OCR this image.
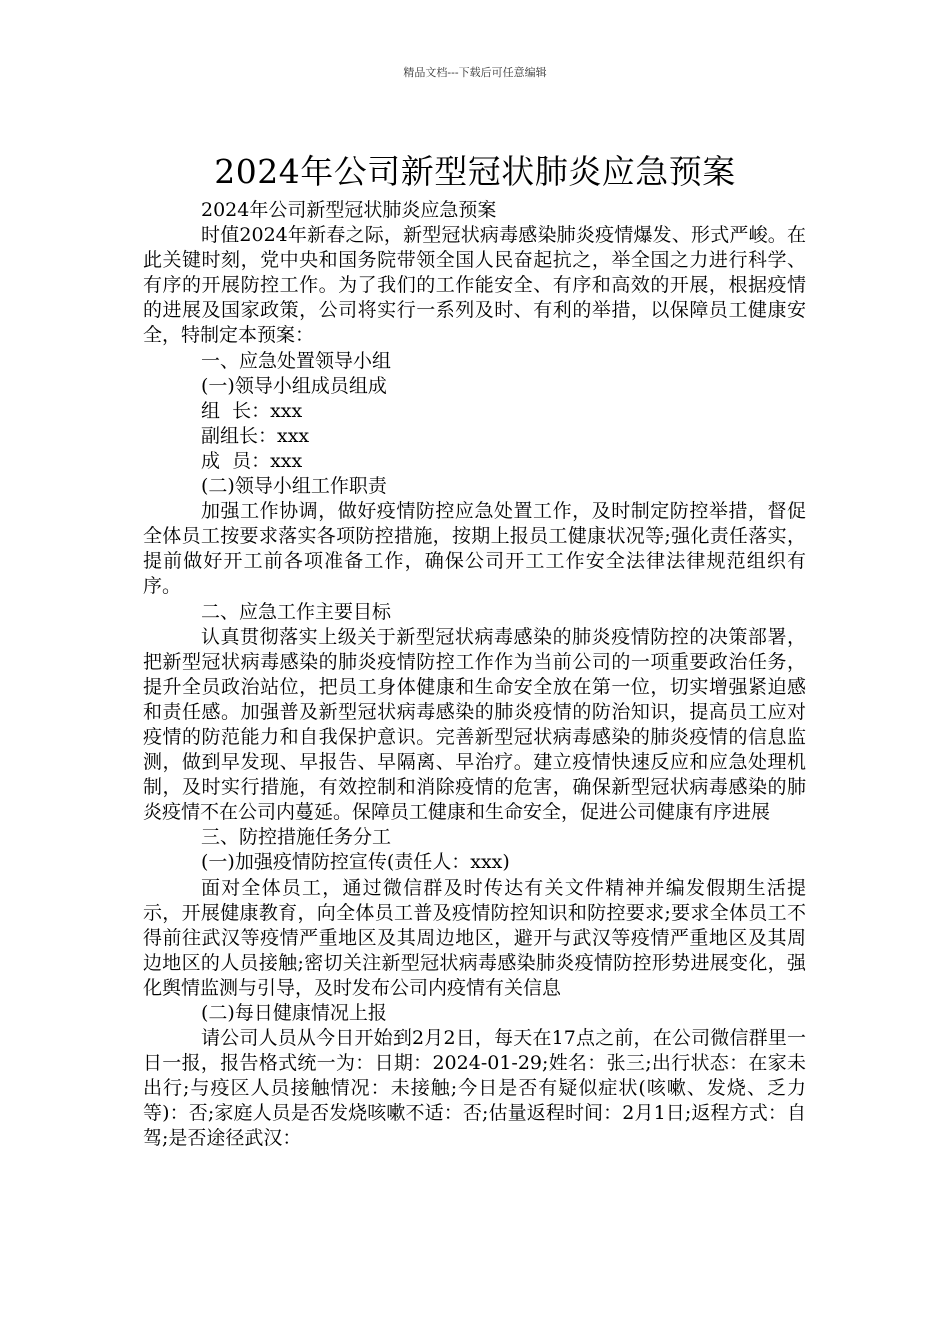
精品文档---下载后可任意编辑
2024年公司新型冠状肺炎应急预案

2024年公司新型冠状肺炎应急预案

时值2024年新春之际，新型冠状病毒感染肺炎疫情爆发、形式严峻。在此关键时刻，党中央和国务院带领全国人民奋起抗之，举全国之力进行科学、有序的开展防控工作。为了我们的工作能安全、有序和高效的开展，根据疫情的进展及国家政策，公司将实行一系列及时、有利的举措，以保障员工健康安全，特制定本预案：

一、应急处置领导小组

(一)领导小组成员组成

组  长：xxx

副组长：xxx

成  员：xxx

(二)领导小组工作职责

加强工作协调，做好疫情防控应急处置工作，及时制定防控举措，督促全体员工按要求落实各项防控措施，按期上报员工健康状况等;强化责任落实，提前做好开工前各项准备工作，确保公司开工工作安全法律法律规范组织有序。

二、应急工作主要目标

认真贯彻落实上级关于新型冠状病毒感染的肺炎疫情防控的决策部署，把新型冠状病毒感染的肺炎疫情防控工作作为当前公司的一项重要政治任务，提升全员政治站位，把员工身体健康和生命安全放在第一位，切实增强紧迫感和责任感。加强普及新型冠状病毒感染的肺炎疫情的防治知识，提高员工应对疫情的防范能力和自我保护意识。完善新型冠状病毒感染的肺炎疫情的信息监测，做到早发现、早报告、早隔离、早治疗。建立疫情快速反应和应急处理机制，及时实行措施，有效控制和消除疫情的危害，确保新型冠状病毒感染的肺炎疫情不在公司内蔓延。保障员工健康和生命安全，促进公司健康有序进展

三、防控措施任务分工

(一)加强疫情防控宣传(责任人：xxx)

面对全体员工，通过微信群及时传达有关文件精神并编发假期生活提示，开展健康教育，向全体员工普及疫情防控知识和防控要求;要求全体员工不得前往武汉等疫情严重地区及其周边地区，避开与武汉等疫情严重地区及其周边地区的人员接触;密切关注新型冠状病毒感染肺炎疫情防控形势进展变化，强化舆情监测与引导，及时发布公司内疫情有关信息

(二)每日健康情况上报

请公司人员从今日开始到2月2日，每天在17点之前，在公司微信群里一日一报，报告格式统一为：日期：2024-01-29;姓名：张三;出行状态：在家未出行;与疫区人员接触情况：未接触;今日是否有疑似症状(咳嗽、发烧、乏力等)：否;家庭人员是否发烧咳嗽不适：否;估量返程时间：2月1日;返程方式：自驾;是否途径武汉：
